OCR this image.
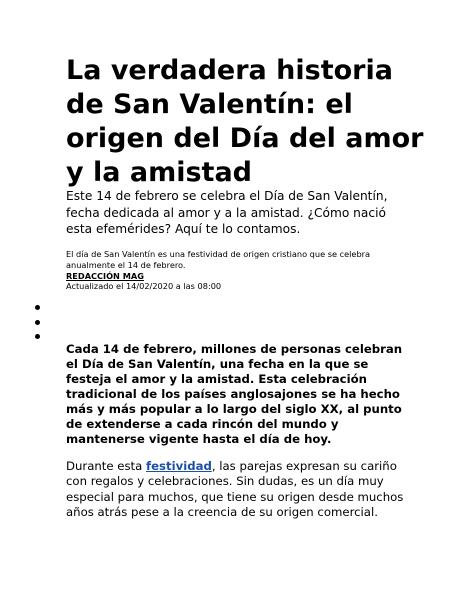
La verdadera historia de San Valentín: el origen del Día del amor y la amistad

Este 14 de febrero se celebra el Día de San Valentín, fecha dedicada al amor y a la amistad. ¿Cómo nació esta efemérides? Aquí te lo contamos.

El día de San Valentín es una festividad de origen cristiano que se celebra anualmente el 14 de febrero.

REDACCIÓN MAG

Actualizado el 14/02/2020 a las 08:00

Cada 14 de febrero, millones de personas celebran el Día de San Valentín, una fecha en la que se festeja el amor y la amistad. Esta celebración tradicional de los países anglosajones se ha hecho más y más popular a lo largo del siglo XX, al punto de extenderse a cada rincón del mundo y mantenerse vigente hasta el día de hoy.

Durante esta festividad, las parejas expresan su cariño con regalos y celebraciones. Sin dudas, es un día muy especial para muchos, que tiene su origen desde muchos años atrás pese a la creencia de su origen comercial.
